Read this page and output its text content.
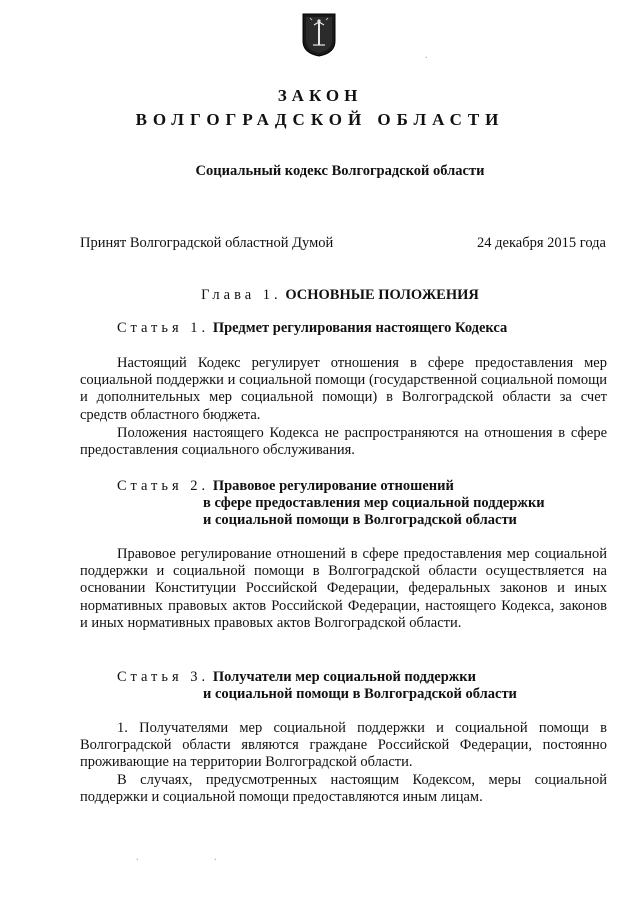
ЗАКОН
ВОЛГОГРАДСКОЙ ОБЛАСТИ
Социальный кодекс Волгоградской области
Принят Волгоградской областной Думой	24 декабря 2015 года
Глава 1. ОСНОВНЫЕ ПОЛОЖЕНИЯ
Статья 1. Предмет регулирования настоящего Кодекса

Настоящий Кодекс регулирует отношения в сфере предоставления мер социальной поддержки и социальной помощи (государственной социальной помощи и дополнительных мер социальной помощи) в Волгоградской области за счет средств областного бюджета.

Положения настоящего Кодекса не распространяются на отношения в сфере предоставления социального обслуживания.

Статья 2. Правовое регулирование отношений
в сфере предоставления мер социальной поддержки
и социальной помощи в Волгоградской области

Правовое регулирование отношений в сфере предоставления мер социальной поддержки и социальной помощи в Волгоградской области осуществляется на основании Конституции Российской Федерации, федеральных законов и иных нормативных правовых актов Российской Федерации, настоящего Кодекса, законов и иных нормативных правовых актов Волгоградской области.

Статья 3. Получатели мер социальной поддержки
и социальной помощи в Волгоградской области

1. Получателями мер социальной поддержки и социальной помощи в Волгоградской области являются граждане Российской Федерации, постоянно проживающие на территории Волгоградской области.

В случаях, предусмотренных настоящим Кодексом, меры социальной поддержки и социальной помощи предоставляются иным лицам.

.
.	.
